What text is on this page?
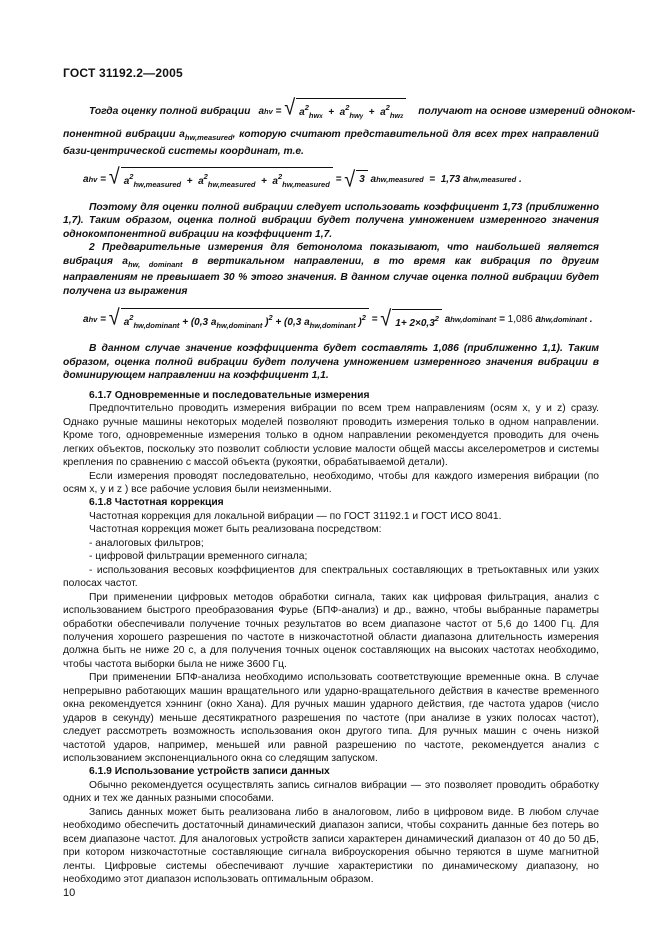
ГОСТ 31192.2—2005
Тогда оценку полной вибрации a hv = √ $a^2_{hwx} + a^2_{hwy} + a^2_{hwz}$
получают на основе измерений одноком-

понентной вибрации $a_{hw,measured}$, которую считают представительной для всех трех направлений бази-центрической системы координат, т.е.

a hv = √ $a^2_{hw,measured} + a^2_{hw,measured} + a^2_{hw,measured}$ = √ 3 a hw,measured = 1,73 a hw,measured .

Поэтому для оценки полной вибрации следует использовать коэффициент 1,73 (приближенно 1,7). Таким образом, оценка полной вибрации будет получена умножением измеренного значения однокомпонентной вибрации на коэффициент 1,7.

2 Предварительные измерения для бетонолома показывают, что наибольшей является вибрация $a_{hw, dominant}$ в вертикальном направлении, в то время как вибрация по другим направлениям не превышает 30 % этого значения. В данном случае оценка полной вибрации будет получена из выражения

a hv = √ $a^2_{hw,dominant} + (0,3$ $a_{hw,dominant}$ )$^2$ + (0,3 $a_{hw,dominant}$ )$^2$ = √ $1+ 2\times 0,3^2$ a hw,dominant = 1,086 a hw,dominant .

В данном случае значение коэффициента будет составлять 1,086 (приближенно 1,1). Таким образом, оценка полной вибрации будет получена умножением измеренного значения вибрации в доминирующем направлении на коэффициент 1,1.

6.1.7 Одновременные и последовательные измерения

Предпочтительно проводить измерения вибрации по всем трем направлениям (осям x, y и z) сразу. Однако ручные машины некоторых моделей позволяют проводить измерения только в одном направлении. Кроме того, одновременные измерения только в одном направлении рекомендуется проводить для очень легких объектов, поскольку это позволит соблюсти условие малости общей массы акселерометров и системы крепления по сравнению с массой объекта (рукоятки, обрабатываемой детали).

Если измерения проводят последовательно, необходимо, чтобы для каждого измерения вибрации (по осям x, y и z ) все рабочие условия были неизменными.

6.1.8 Частотная коррекция

Частотная коррекция для локальной вибрации — по ГОСТ 31192.1 и ГОСТ ИСО 8041.

Частотная коррекция может быть реализована посредством:

- аналоговых фильтров;

- цифровой фильтрации временного сигнала;

- использования весовых коэффициентов для спектральных составляющих в третьоктавных или узких полосах частот.

При применении цифровых методов обработки сигнала, таких как цифровая фильтрация, анализ с использованием быстрого преобразования Фурье (БПФ-анализ) и др., важно, чтобы выбранные параметры обработки обеспечивали получение точных результатов во всем диапазоне частот от 5,6 до 1400 Гц. Для получения хорошего разрешения по частоте в низкочастотной области диапазона длительность измерения должна быть не ниже 20 с, а для получения точных оценок составляющих на высоких частотах необходимо, чтобы частота выборки была не ниже 3600 Гц.

При применении БПФ-анализа необходимо использовать соответствующие временные окна. В случае непрерывно работающих машин вращательного или ударно-вращательного действия в качестве временного окна рекомендуется хэннинг (окно Хана). Для ручных машин ударного действия, где частота ударов (число ударов в секунду) меньше десятикратного разрешения по частоте (при анализе в узких полосах частот), следует рассмотреть возможность использования окон другого типа. Для ручных машин с очень низкой частотой ударов, например, меньшей или равной разрешению по частоте, рекомендуется анализ с использованием экспоненциального окна со следящим запуском.

6.1.9 Использование устройств записи данных

Обычно рекомендуется осуществлять запись сигналов вибрации — это позволяет проводить обработку одних и тех же данных разными способами.

Запись данных может быть реализована либо в аналоговом, либо в цифровом виде. В любом случае необходимо обеспечить достаточный динамический диапазон записи, чтобы сохранить данные без потерь во всем диапазоне частот. Для аналоговых устройств записи характерен динамический диапазон от 40 до 50 дБ, при котором низкочастотные составляющие сигнала виброускорения обычно теряются в шуме магнитной ленты. Цифровые системы обеспечивают лучшие характеристики по динамическому диапазону, но необходимо этот диапазон использовать оптимальным образом.

10
